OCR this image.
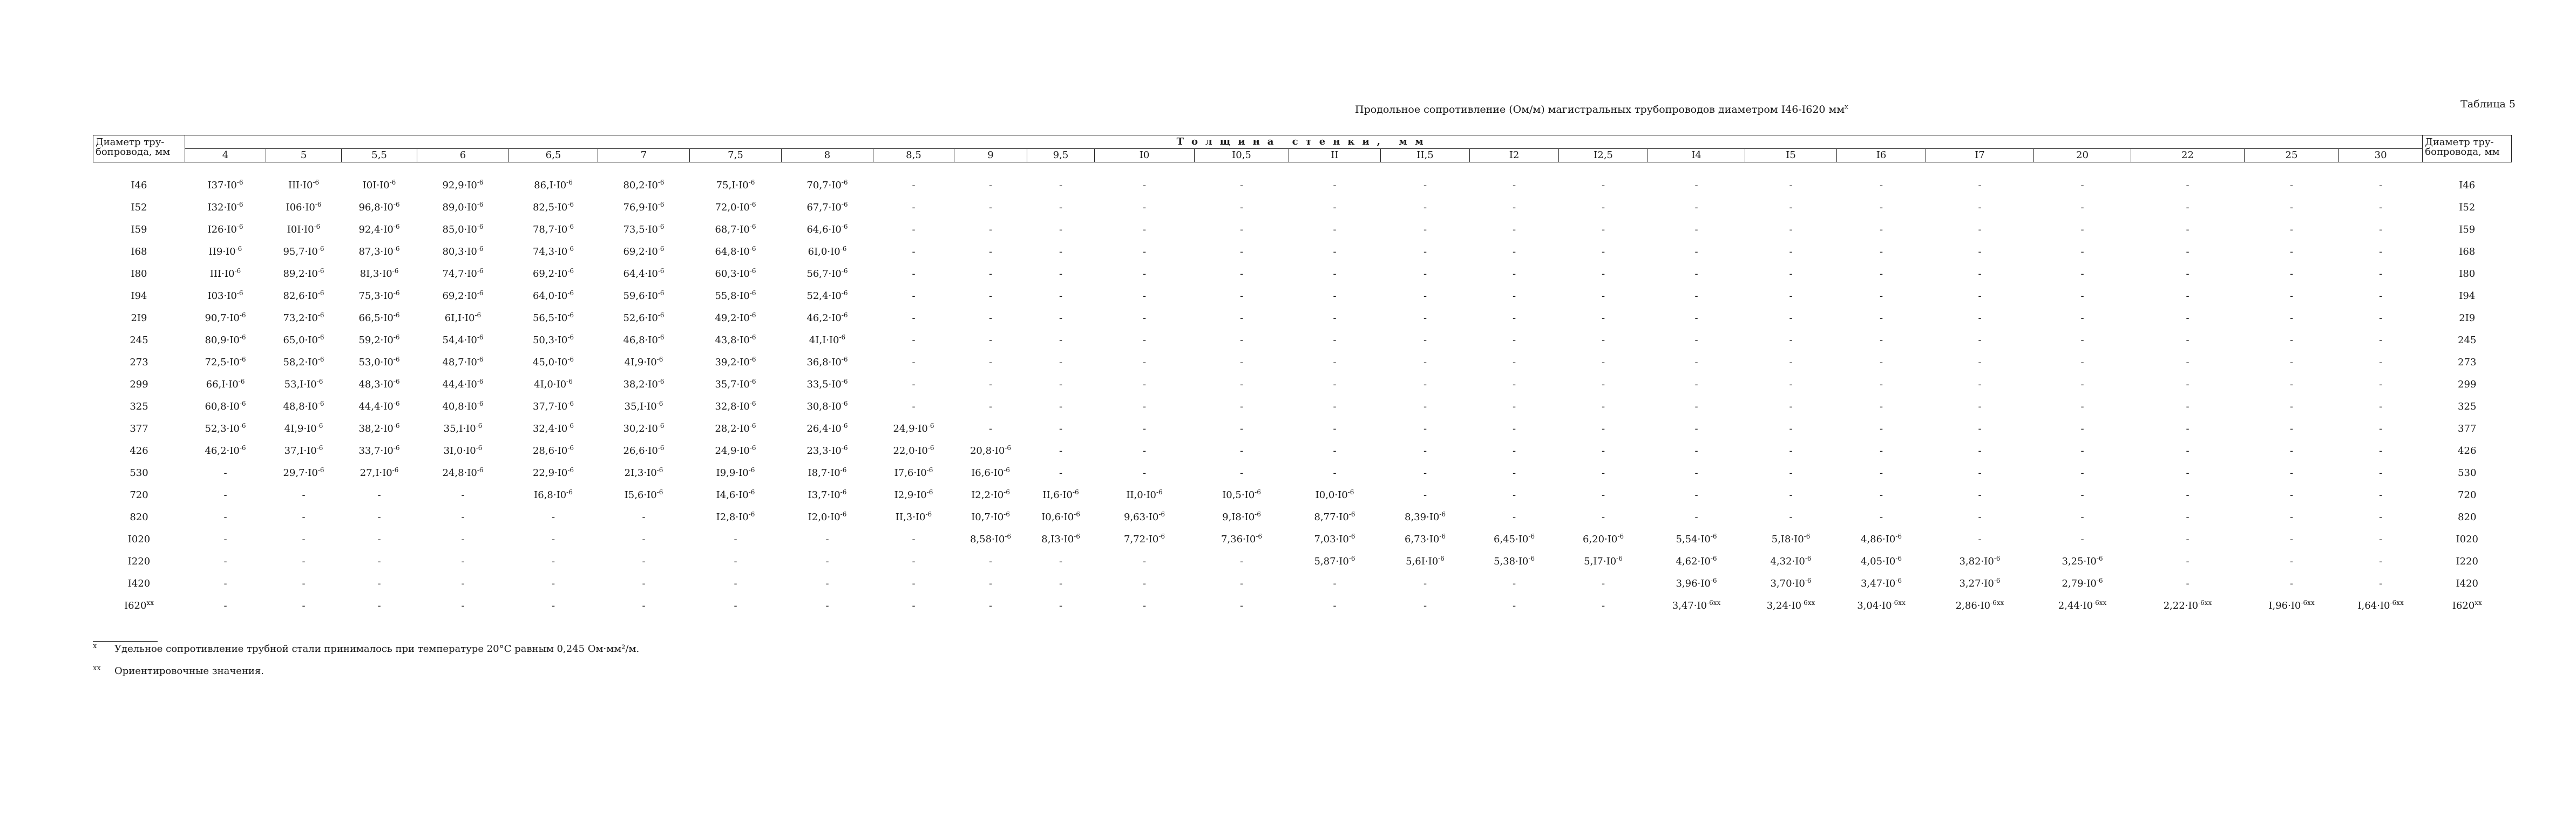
Продольное сопротивление (Ом/м) магистральных трубопроводов диаметром I46-I620 $мм^x$	Таблица 5
Диаметр тру-бопровода, мм	Толщина стенки, мм																									Диаметр тру-бопровода, мм
	4	5	5,5	6	6,5	7	7,5	8	8,5	9	9,5	I0	I0,5	II	II,5	I2	I2,5	I4	I5	I6	I7	20	22	25	30	
I46	$I37\cdot I0^{-6}$	$III\cdot I0^{-6}$	$I0I\cdot I0^{-6}$	$92,9\cdot I0^{-6}$	$86,I\cdot I0^{-6}$	$80,2\cdot I0^{-6}$	$75,I\cdot I0^{-6}$	$70,7\cdot I0^{-6}$	-	-	-	-	-	-	-	-	-	-	-	-	-	-	-	-	-	I46
I52	$I32\cdot I0^{-6}$	$I06\cdot I0^{-6}$	$96,8\cdot I0^{-6}$	$89,0\cdot I0^{-6}$	$82,5\cdot I0^{-6}$	$76,9\cdot I0^{-6}$	$72,0\cdot I0^{-6}$	$67,7\cdot I0^{-6}$	-	-	-	-	-	-	-	-	-	-	-	-	-	-	-	-	-	I52
I59	$I26\cdot I0^{-6}$	$I0I\cdot I0^{-6}$	$92,4\cdot I0^{-6}$	$85,0\cdot I0^{-6}$	$78,7\cdot I0^{-6}$	$73,5\cdot I0^{-6}$	$68,7\cdot I0^{-6}$	$64,6\cdot I0^{-6}$	-	-	-	-	-	-	-	-	-	-	-	-	-	-	-	-	-	I59
I68	$II9\cdot I0^{-6}$	$95,7\cdot I0^{-6}$	$87,3\cdot I0^{-6}$	$80,3\cdot I0^{-6}$	$74,3\cdot I0^{-6}$	$69,2\cdot I0^{-6}$	$64,8\cdot I0^{-6}$	$6I,0\cdot I0^{-6}$	-	-	-	-	-	-	-	-	-	-	-	-	-	-	-	-	-	I68
I80	$III\cdot I0^{-6}$	$89,2\cdot I0^{-6}$	$8I,3\cdot I0^{-6}$	$74,7\cdot I0^{-6}$	$69,2\cdot I0^{-6}$	$64,4\cdot I0^{-6}$	$60,3\cdot I0^{-6}$	$56,7\cdot I0^{-6}$	-	-	-	-	-	-	-	-	-	-	-	-	-	-	-	-	-	I80
I94	$I03\cdot I0^{-6}$	$82,6\cdot I0^{-6}$	$75,3\cdot I0^{-6}$	$69,2\cdot I0^{-6}$	$64,0\cdot I0^{-6}$	$59,6\cdot I0^{-6}$	$55,8\cdot I0^{-6}$	$52,4\cdot I0^{-6}$	-	-	-	-	-	-	-	-	-	-	-	-	-	-	-	-	-	I94
2I9	$90,7\cdot I0^{-6}$	$73,2\cdot I0^{-6}$	$66,5\cdot I0^{-6}$	$6I,I\cdot I0^{-6}$	$56,5\cdot I0^{-6}$	$52,6\cdot I0^{-6}$	$49,2\cdot I0^{-6}$	$46,2\cdot I0^{-6}$	-	-	-	-	-	-	-	-	-	-	-	-	-	-	-	-	-	2I9
245	$80,9\cdot I0^{-6}$	$65,0\cdot I0^{-6}$	$59,2\cdot I0^{-6}$	$54,4\cdot I0^{-6}$	$50,3\cdot I0^{-6}$	$46,8\cdot I0^{-6}$	$43,8\cdot I0^{-6}$	$4I,I\cdot I0^{-6}$	-	-	-	-	-	-	-	-	-	-	-	-	-	-	-	-	-	245
273	$72,5\cdot I0^{-6}$	$58,2\cdot I0^{-6}$	$53,0\cdot I0^{-6}$	$48,7\cdot I0^{-6}$	$45,0\cdot I0^{-6}$	$4I,9\cdot I0^{-6}$	$39,2\cdot I0^{-6}$	$36,8\cdot I0^{-6}$	-	-	-	-	-	-	-	-	-	-	-	-	-	-	-	-	-	273
299	$66,I\cdot I0^{-6}$	$53,I\cdot I0^{-6}$	$48,3\cdot I0^{-6}$	$44,4\cdot I0^{-6}$	$4I,0\cdot I0^{-6}$	$38,2\cdot I0^{-6}$	$35,7\cdot I0^{-6}$	$33,5\cdot I0^{-6}$	-	-	-	-	-	-	-	-	-	-	-	-	-	-	-	-	-	299
325	$60,8\cdot I0^{-6}$	$48,8\cdot I0^{-6}$	$44,4\cdot I0^{-6}$	$40,8\cdot I0^{-6}$	$37,7\cdot I0^{-6}$	$35,I\cdot I0^{-6}$	$32,8\cdot I0^{-6}$	$30,8\cdot I0^{-6}$	-	-	-	-	-	-	-	-	-	-	-	-	-	-	-	-	-	325
377	$52,3\cdot I0^{-6}$	$4I,9\cdot I0^{-6}$	$38,2\cdot I0^{-6}$	$35,I\cdot I0^{-6}$	$32,4\cdot I0^{-6}$	$30,2\cdot I0^{-6}$	$28,2\cdot I0^{-6}$	$26,4\cdot I0^{-6}$	$24,9\cdot I0^{-6}$	-	-	-	-	-	-	-	-	-	-	-	-	-	-	-	-	377
426	$46,2\cdot I0^{-6}$	$37,I\cdot I0^{-6}$	$33,7\cdot I0^{-6}$	$3I,0\cdot I0^{-6}$	$28,6\cdot I0^{-6}$	$26,6\cdot I0^{-6}$	$24,9\cdot I0^{-6}$	$23,3\cdot I0^{-6}$	$22,0\cdot I0^{-6}$	$20,8\cdot I0^{-6}$	-	-	-	-	-	-	-	-	-	-	-	-	-	-	-	426
530	-	$29,7\cdot I0^{-6}$	$27,I\cdot I0^{-6}$	$24,8\cdot I0^{-6}$	$22,9\cdot I0^{-6}$	$2I,3\cdot I0^{-6}$	$I9,9\cdot I0^{-6}$	$I8,7\cdot I0^{-6}$	$I7,6\cdot I0^{-6}$	$I6,6\cdot I0^{-6}$	-	-	-	-	-	-	-	-	-	-	-	-	-	-	-	530
720	-	-	-	-	$I6,8\cdot I0^{-6}$	$I5,6\cdot I0^{-6}$	$I4,6\cdot I0^{-6}$	$I3,7\cdot I0^{-6}$	$I2,9\cdot I0^{-6}$	$I2,2\cdot I0^{-6}$	$II,6\cdot I0^{-6}$	$II,0\cdot I0^{-6}$	$I0,5\cdot I0^{-6}$	$I0,0\cdot I0^{-6}$	-	-	-	-	-	-	-	-	-	-	-	720
820	-	-	-	-	-	-	$I2,8\cdot I0^{-6}$	$I2,0\cdot I0^{-6}$	$II,3\cdot I0^{-6}$	$I0,7\cdot I0^{-6}$	$I0,6\cdot I0^{-6}$	$9,63\cdot I0^{-6}$	$9,I8\cdot I0^{-6}$	$8,77\cdot I0^{-6}$	$8,39\cdot I0^{-6}$	-	-	-	-	-	-	-	-	-	-	820
I020	-	-	-	-	-	-	-	-	-	$8,58\cdot I0^{-6}$	$8,I3\cdot I0^{-6}$	$7,72\cdot I0^{-6}$	$7,36\cdot I0^{-6}$	$7,03\cdot I0^{-6}$	$6,73\cdot I0^{-6}$	$6,45\cdot I0^{-6}$	$6,20\cdot I0^{-6}$	$5,54\cdot I0^{-6}$	$5,I8\cdot I0^{-6}$	$4,86\cdot I0^{-6}$	-	-	-	-	-	I020
I220	-	-	-	-	-	-	-	-	-	-	-	-	-	$5,87\cdot I0^{-6}$	$5,6I\cdot I0^{-6}$	$5,38\cdot I0^{-6}$	$5,I7\cdot I0^{-6}$	$4,62\cdot I0^{-6}$	$4,32\cdot I0^{-6}$	$4,05\cdot I0^{-6}$	$3,82\cdot I0^{-6}$	$3,25\cdot I0^{-6}$	-	-	-	I220
I420	-	-	-	-	-	-	-	-	-	-	-	-	-	-	-	-	-	$3,96\cdot I0^{-6}$	$3,70\cdot I0^{-6}$	$3,47\cdot I0^{-6}$	$3,27\cdot I0^{-6}$	$2,79\cdot I0^{-6}$	-	-	-	I420
I620$^{xx}$	-	-	-	-	-	-	-	-	-	-	-	-	-	-	-	-	-	$3,47\cdot I0^{-6xx}$	$3,24\cdot I0^{-6xx}$	$3,04\cdot I0^{-6xx}$	$2,86\cdot I0^{-6xx}$	$2,44\cdot I0^{-6xx}$	$2,22\cdot I0^{-6xx}$	$I,96\cdot I0^{-6xx}$	$I,64\cdot I0^{-6xx}$	I620$^{xx}$
x Удельное сопротивление трубной стали принималось при температуре 20°С равным 0,245 Ом·мм²/м.
xx Ориентировочные значения.
